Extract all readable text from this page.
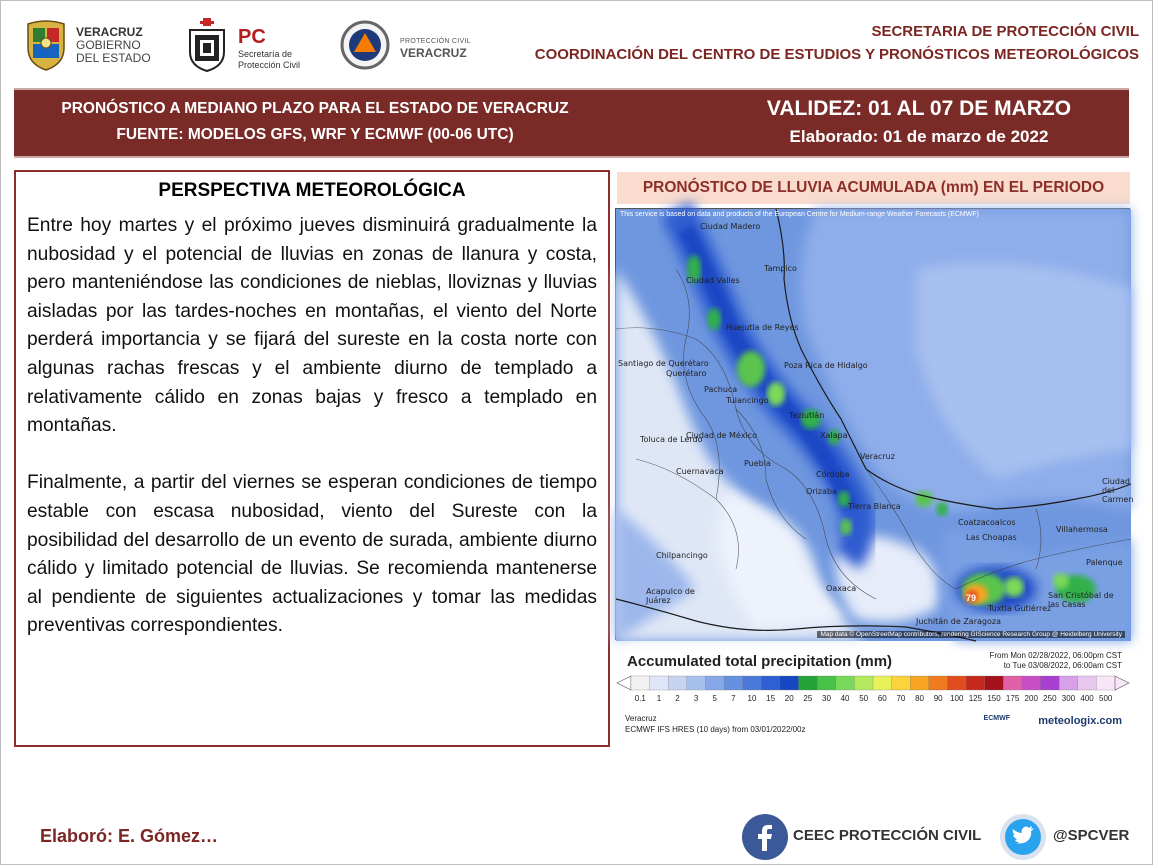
VERACRUZ
GOBIERNO
DEL ESTADO
PC
Secretaría de
Protección Civil
PROTECCIÓN CIVIL
VERACRUZ
SECRETARIA DE PROTECCIÓN CIVIL
COORDINACIÓN DEL CENTRO DE ESTUDIOS Y PRONÓSTICOS METEOROLÓGICOS
PRONÓSTICO A MEDIANO PLAZO PARA EL ESTADO DE VERACRUZ
FUENTE: MODELOS GFS, WRF Y ECMWF (00-06 UTC)
VALIDEZ: 01 AL 07 DE MARZO
Elaborado: 01 de marzo de 2022
PERSPECTIVA METEOROLÓGICA

Entre hoy martes y el próximo jueves disminuirá gradualmente la nubosidad y el potencial de lluvias en zonas de llanura y costa, pero manteniéndose las condiciones de nieblas, lloviznas y lluvias aisladas por las tardes-noches en montañas, el viento del Norte perderá importancia y se fijará del sureste en la costa norte con algunas rachas frescas y el ambiente diurno de templado a relativamente cálido en zonas bajas y fresco a templado en montañas.

Finalmente, a partir del viernes se esperan condiciones de tiempo estable con escasa nubosidad, viento del Sureste con la posibilidad del desarrollo de un evento de surada, ambiente diurno cálido y limitado potencial de lluvias. Se recomienda mantenerse al pendiente de siguientes actualizaciones y tomar las medidas preventivas correspondientes.

PRONÓSTICO DE LLUVIA ACUMULADA (mm) EN EL PERIODO
This service is based on data and products of the European Centre for Medium-range Weather Forecasts (ECMWF)
Map data © OpenStreetMap contributors, rendering GIScience Research Group @ Heidelberg University
Ciudad Madero
Tampico
Ciudad Valles
Huejutla de Reyes
Poza Rica de Hidalgo
Pachuca
Tulancingo
Teziutlán
Xalapa
Ciudad de México
Puebla
Veracruz
Córdoba
Orizaba
Tierra Blanca
Coatzacoalcos
Las Choapas
Villahermosa
Palenque
Tuxtla Gutiérrez
San Cristóbal de las Casas
Oaxaca
Chilpancingo
Acapulco de Juárez
Cuernavaca
Toluca de Lerdo
Querétaro
Juchitán de Zaragoza
Santiago de Querétaro
Ciudad del Carmen
79
Accumulated total precipitation (mm)	From Mon 02/28/2022, 06:00pm CST
to Tue 03/08/2022, 06:00am CST
0.1 1 2 3 5 7 10 15 20 25 30 40 50 60 70 80 90 100 125 150 175 200 250 300 400 500
Veracruz
ECMWF IFS HRES (10 days) from 03/01/2022/00z
ECMWF	meteologix.com
Elaboró: E. Gómez…	CEEC PROTECCIÓN CIVIL	@SPCVER
